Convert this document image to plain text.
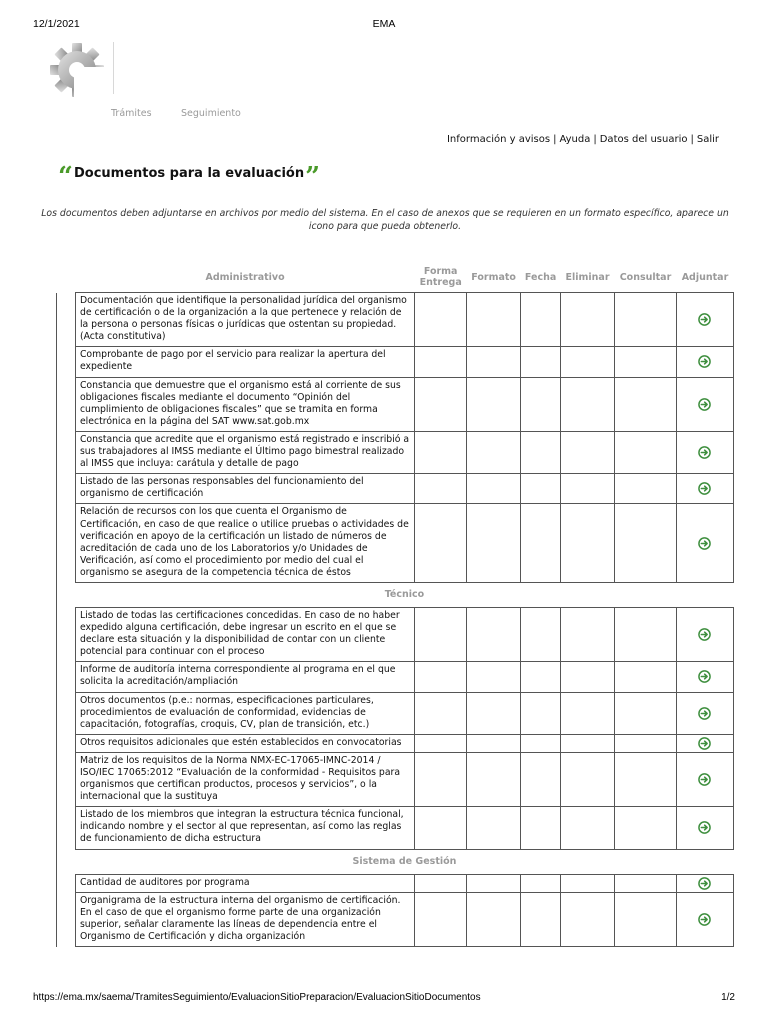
12/1/2021	EMA
Trámites	Seguimiento
Información y avisos | Ayuda | Datos del usuario | Salir
“ Documentos para la evaluación ”
Los documentos deben adjuntarse en archivos por medio del sistema. En el caso de anexos que se requieren en un formato específico, aparece un icono para que pueda obtenerlo.
	Administrativo	Forma Entrega	Formato	Fecha	Eliminar	Consultar	Adjuntar
	Documentación que identifique la personalidad jurídica del organismo de certificación o de la organización a la que pertenece y relación de la persona o personas físicas o jurídicas que ostentan su propiedad. (Acta constitutiva)						
	Comprobante de pago por el servicio para realizar la apertura del expediente						
	Constancia que demuestre que el organismo está al corriente de sus obligaciones fiscales mediante el documento “Opinión del cumplimiento de obligaciones fiscales” que se tramita en forma electrónica en la página del SAT www.sat.gob.mx						
	Constancia que acredite que el organismo está registrado e inscribió a sus trabajadores al IMSS mediante el Último pago bimestral realizado al IMSS que incluya: carátula y detalle de pago						
	Listado de las personas responsables del funcionamiento del organismo de certificación						
	Relación de recursos con los que cuenta el Organismo de Certificación, en caso de que realice o utilice pruebas o actividades de verificación en apoyo de la certificación un listado de números de acreditación de cada uno de los Laboratorios y/o Unidades de Verificación, así como el procedimiento por medio del cual el organismo se asegura de la competencia técnica de éstos						
	Técnico						
	Listado de todas las certificaciones concedidas. En caso de no haber expedido alguna certificación, debe ingresar un escrito en el que se declare esta situación y la disponibilidad de contar con un cliente potencial para continuar con el proceso						
	Informe de auditoría interna correspondiente al programa en el que solicita la acreditación/ampliación						
	Otros documentos (p.e.: normas, especificaciones particulares, procedimientos de evaluación de conformidad, evidencias de capacitación, fotografías, croquis, CV, plan de transición, etc.)						
	Otros requisitos adicionales que estén establecidos en convocatorias						
	Matriz de los requisitos de la Norma NMX-EC-17065-IMNC-2014 / ISO/IEC 17065:2012 “Evaluación de la conformidad - Requisitos para organismos que certifican productos, procesos y servicios”, o la internacional que la sustituya						
	Listado de los miembros que integran la estructura técnica funcional, indicando nombre y el sector al que representan, así como las reglas de funcionamiento de dicha estructura						
	Sistema de Gestión						
	Cantidad de auditores por programa						
	Organigrama de la estructura interna del organismo de certificación. En el caso de que el organismo forme parte de una organización superior, señalar claramente las líneas de dependencia entre el Organismo de Certificación y dicha organización						
https://ema.mx/saema/TramitesSeguimiento/EvaluacionSitioPreparacion/EvaluacionSitioDocumentos	1/2
